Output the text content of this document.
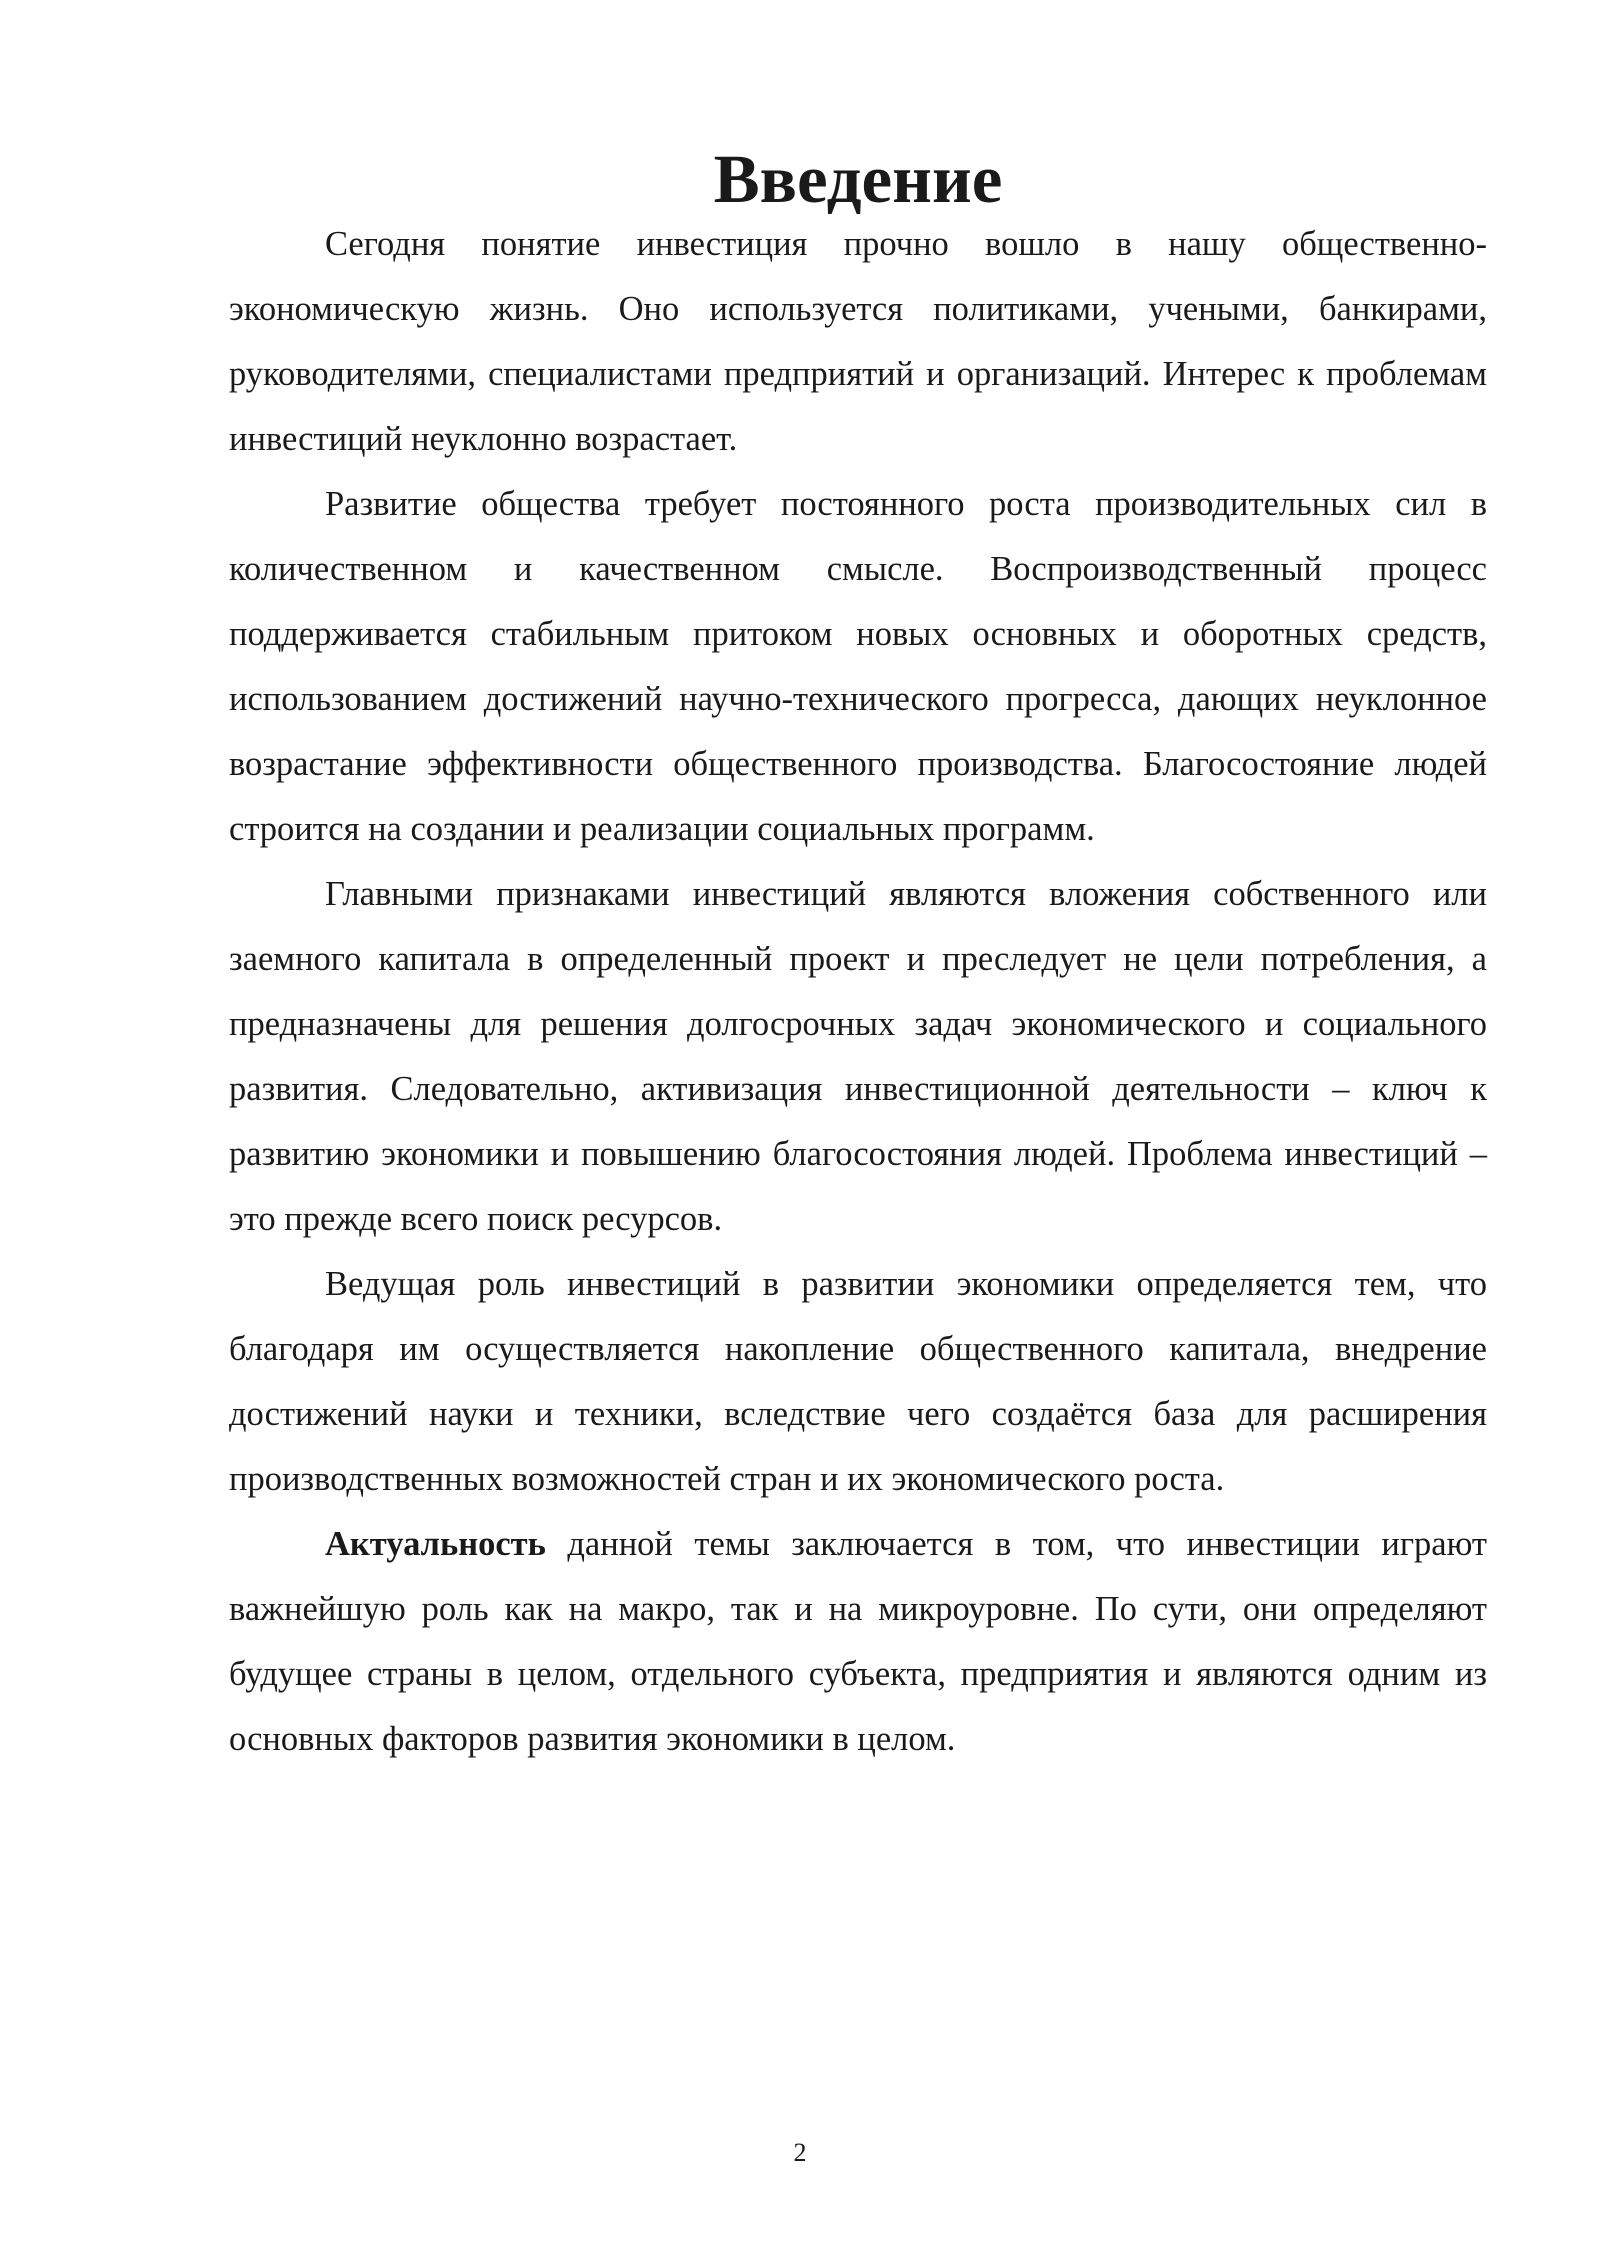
Введение

Сегодня понятие инвестиция прочно вошло в нашу общественно-экономическую жизнь. Оно используется политиками, учеными, банкирами, руководителями, специалистами предприятий и организаций. Интерес к проблемам инвестиций неуклонно возрастает.

Развитие общества требует постоянного роста производительных сил в количественном и качественном смысле. Воспроизводственный процесс поддерживается стабильным притоком новых основных и оборотных средств, использованием достижений научно-технического прогресса, дающих неуклонное возрастание эффективности общественного производства. Благосостояние людей строится на создании и реализации социальных программ.

Главными признаками инвестиций являются вложения собственного или заемного капитала в определенный проект и преследует не цели потребления, а предназначены для решения долгосрочных задач экономического и социального развития. Следовательно, активизация инвестиционной деятельности – ключ к развитию экономики и повышению благосостояния людей. Проблема инвестиций – это прежде всего поиск ресурсов.

Ведущая роль инвестиций в развитии экономики определяется тем, что благодаря им осуществляется накопление общественного капитала, внедрение достижений науки и техники, вследствие чего создаётся база для расширения производственных возможностей стран и их экономического роста.

Актуальность данной темы заключается в том, что инвестиции играют важнейшую роль как на макро, так и на микроуровне. По сути, они определяют будущее страны в целом, отдельного субъекта, предприятия и являются одним из основных факторов развития экономики в целом.

2
